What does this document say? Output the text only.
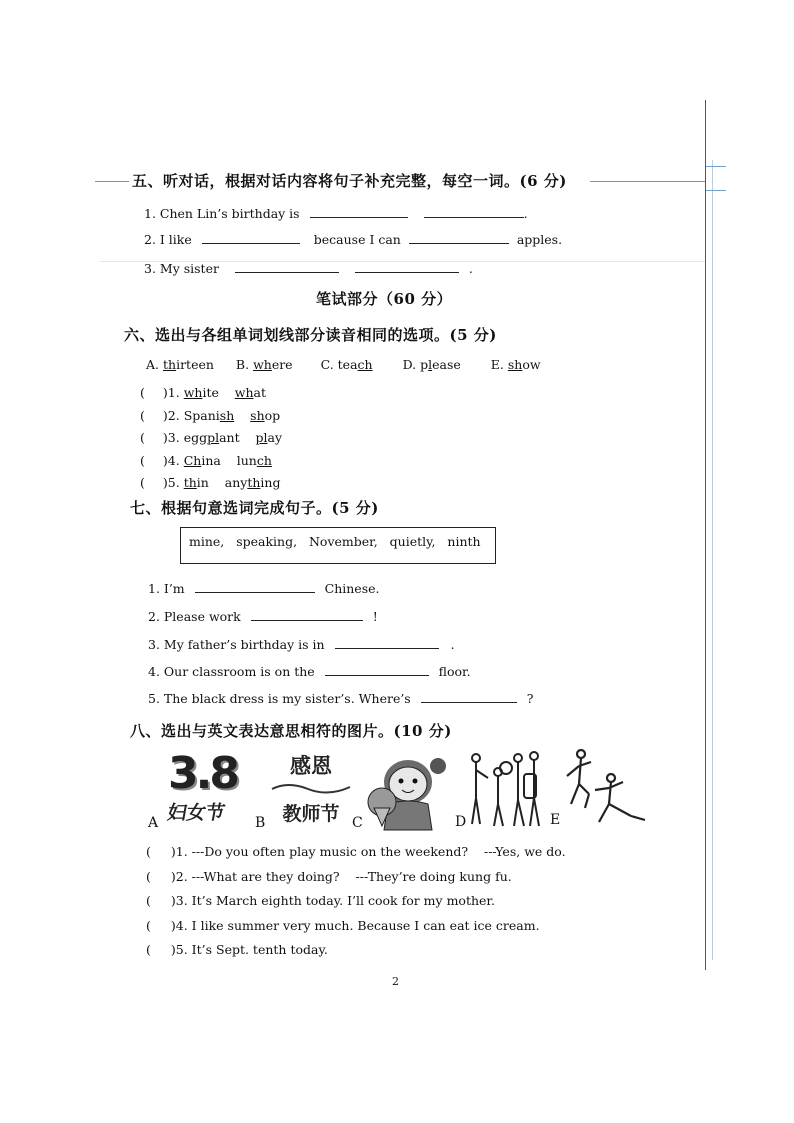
五、听对话，根据对话内容将句子补充完整，每空一词。(6 分)
1. Chen Lin’s birthday is	.
2. I like	because I can	apples.
3. My sister	.
笔试部分（60 分）
六、选出与各组单词划线部分读音相同的选项。(5 分)
A. thirteen B. where C. teach D. please E. show
( )1. white what
( )2. Spanish shop
( )3. eggplant play
( )4. China lunch
( )5. thin anything
七、根据句意选词完成句子。(5 分)
mine,   speaking,   November,   quietly,   ninth
1. I’m	Chinese.
2. Please work	!
3. My father’s birthday is in	.
4. Our classroom is on the	floor.
5. The black dress is my sister’s. Where’s	?
八、选出与英文表达意思相符的图片。(10 分)
3.8
妇女节
A
感恩
教师节
B	C	D	E
( )1. ---Do you often play music on the weekend?    ---Yes, we do.
( )2. ---What are they doing?    ---They’re doing kung fu.
( )3. It’s March eighth today. I’ll cook for my mother.
( )4. I like summer very much. Because I can eat ice cream.
( )5. It’s Sept. tenth today.
2
